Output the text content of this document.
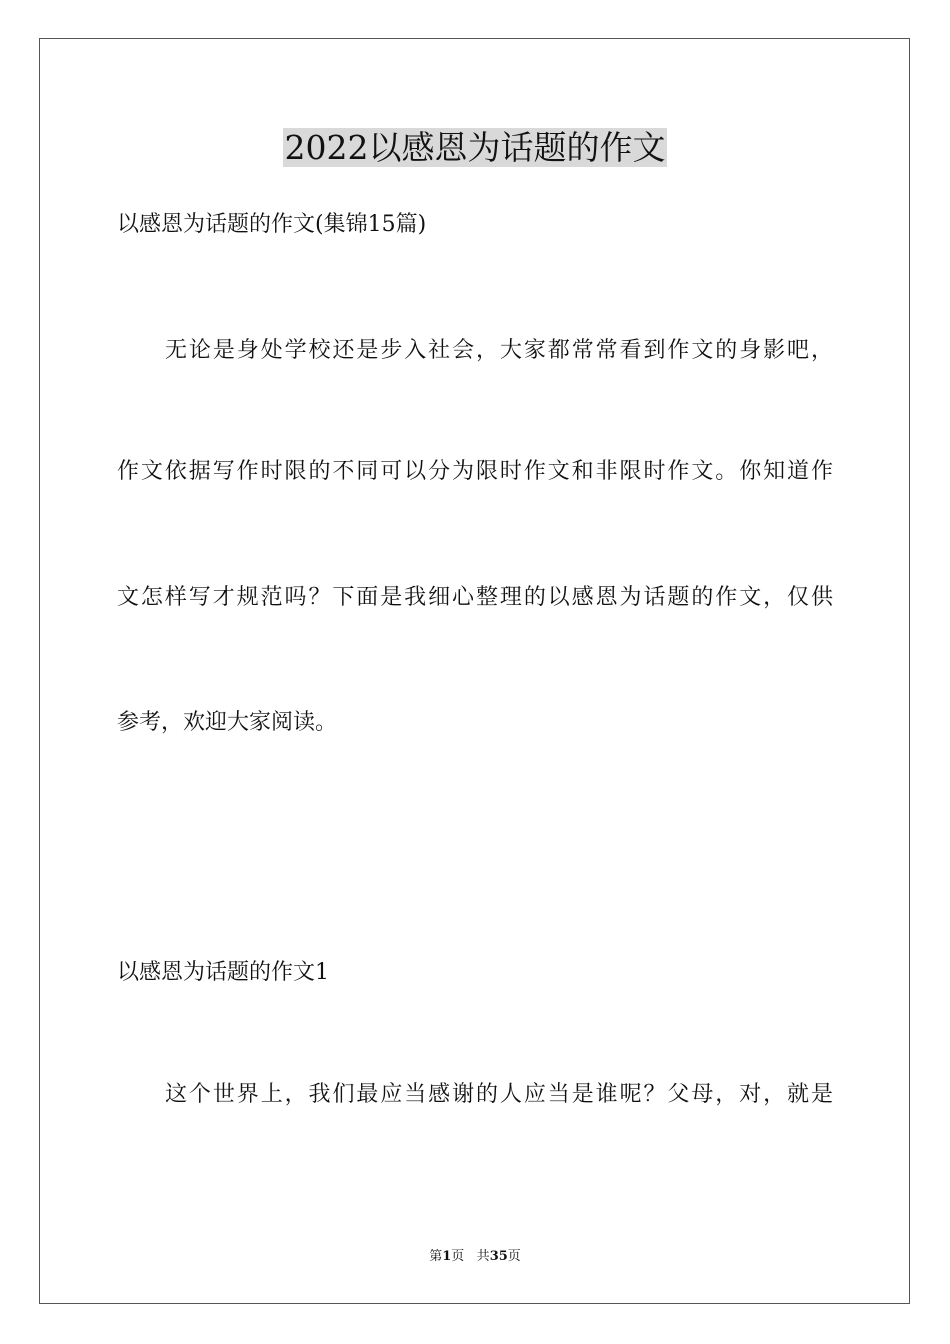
2022以感恩为话题的作文
以感恩为话题的作文(集锦15篇)
无论是身处学校还是步入社会，大家都常常看到作文的身影吧，
作文依据写作时限的不同可以分为限时作文和非限时作文。你知道作
文怎样写才规范吗？下面是我细心整理的以感恩为话题的作文，仅供
参考，欢迎大家阅读。
以感恩为话题的作文1
这个世界上，我们最应当感谢的人应当是谁呢？父母，对，就是
第1页 共35页
